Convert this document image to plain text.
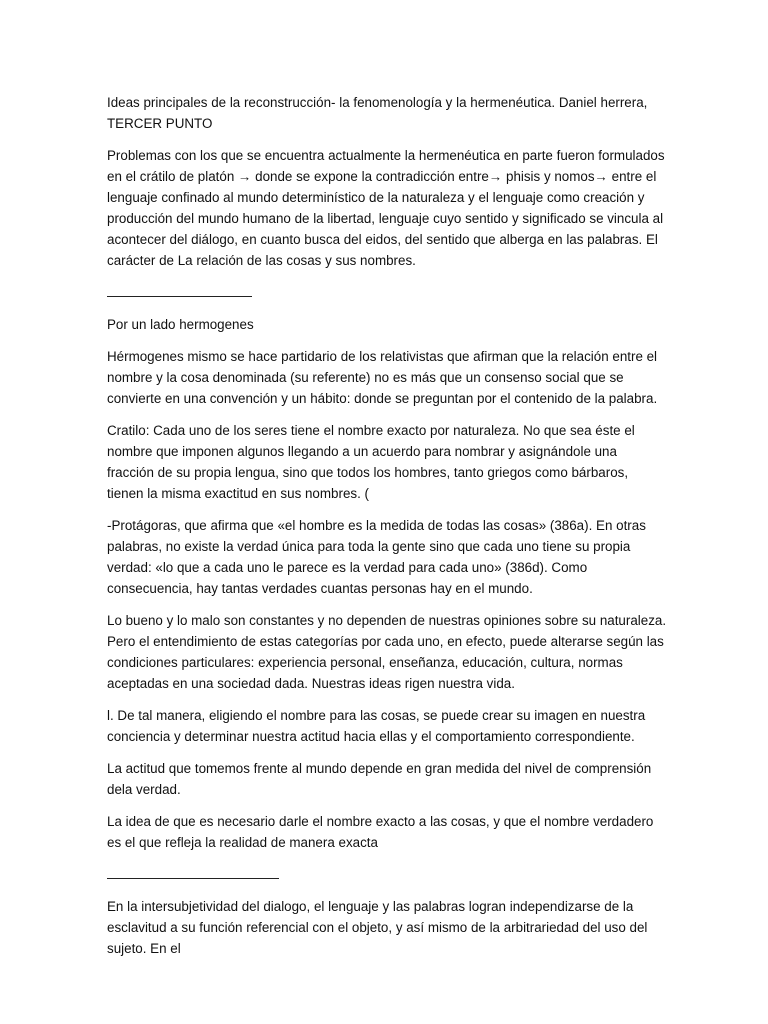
Ideas principales de la reconstrucción- la fenomenología y la hermenéutica. Daniel herrera,
TERCER PUNTO

Problemas con los que se encuentra actualmente la hermenéutica en parte fueron formulados en el crátilo de platón → donde se expone la contradicción entre→ phisis y nomos→ entre el lenguaje confinado al mundo determinístico de la naturaleza y el lenguaje como creación y producción del mundo humano de la libertad, lenguaje cuyo sentido y significado se vincula al acontecer del diálogo, en cuanto busca del eidos, del sentido que alberga en las palabras. El carácter de La relación de las cosas y sus nombres.

Por un lado hermogenes

Hérmogenes mismo se hace partidario de los relativistas que afirman que la relación entre el nombre y la cosa denominada (su referente) no es más que un consenso social que se convierte en una convención y un hábito: donde se preguntan por el contenido de la palabra.

Cratilo: Cada uno de los seres tiene el nombre exacto por naturaleza. No que sea éste el nombre que imponen algunos llegando a un acuerdo para nombrar y asignándole una fracción de su propia lengua, sino que todos los hombres, tanto griegos como bárbaros, tienen la misma exactitud en sus nombres. (

-Protágoras, que afirma que «el hombre es la medida de todas las cosas» (386a). En otras palabras, no existe la verdad única para toda la gente sino que cada uno tiene su propia verdad: «lo que a cada uno le parece es la verdad para cada uno» (386d). Como consecuencia, hay tantas verdades cuantas personas hay en el mundo.

Lo bueno y lo malo son constantes y no dependen de nuestras opiniones sobre su naturaleza. Pero el entendimiento de estas categorías por cada uno, en efecto, puede alterarse según las condiciones particulares: experiencia personal, enseñanza, educación, cultura, normas aceptadas en una sociedad dada. Nuestras ideas rigen nuestra vida.

l. De tal manera, eligiendo el nombre para las cosas, se puede crear su imagen en nuestra conciencia y determinar nuestra actitud hacia ellas y el comportamiento correspondiente.

La actitud que tomemos frente al mundo depende en gran medida del nivel de comprensión dela verdad.

La idea de que es necesario darle el nombre exacto a las cosas, y que el nombre verdadero es el que refleja la realidad de manera exacta

En la intersubjetividad del dialogo, el lenguaje y las palabras logran independizarse de la esclavitud a su función referencial con el objeto, y así mismo de la arbitrariedad del uso del sujeto. En el
